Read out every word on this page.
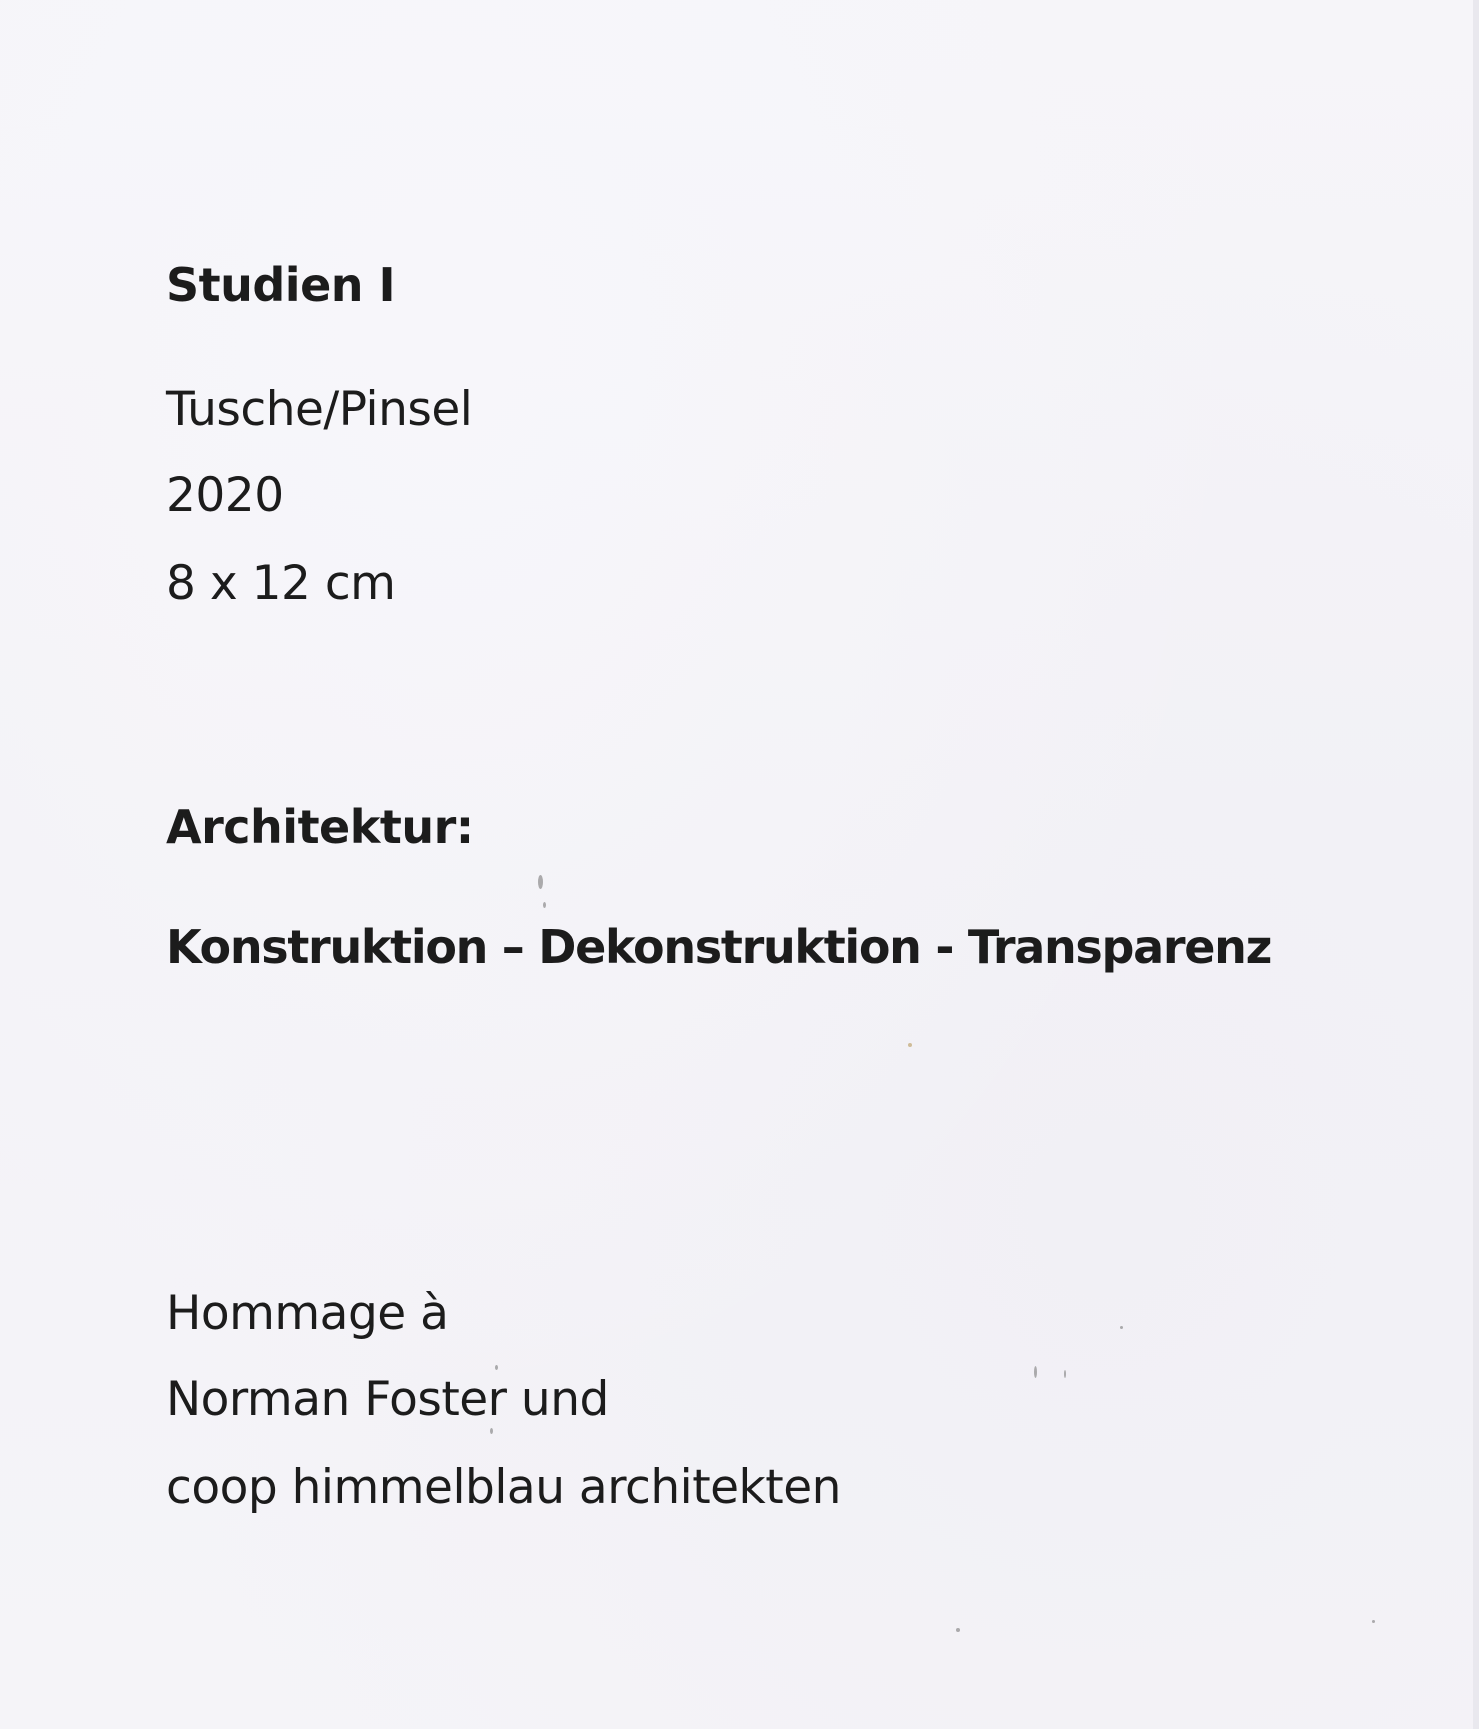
Studien I

Tusche/Pinsel

2020

8 x 12 cm

Architektur:

Konstruktion – Dekonstruktion - Transparenz

Hommage à

Norman Foster und

coop himmelblau architekten
